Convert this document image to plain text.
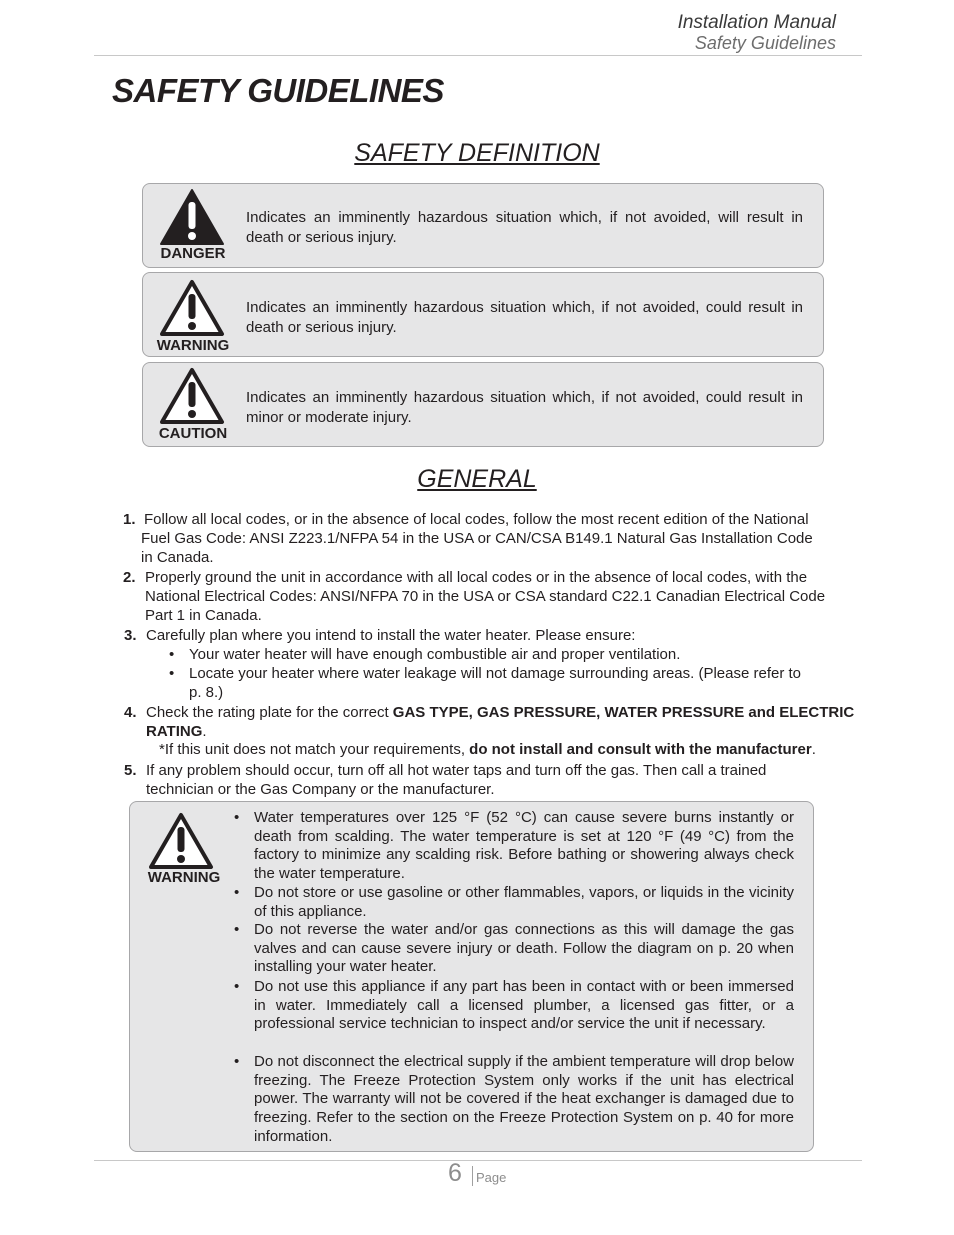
Installation Manual
Safety Guidelines
SAFETY GUIDELINES
SAFETY DEFINITION
DANGER
Indicates an imminently hazardous situation which, if not avoided, will result in death or serious injury.
WARNING
Indicates an imminently hazardous situation which, if not avoided, could result in death or serious injury.
CAUTION
Indicates an imminently hazardous situation which, if not avoided, could result in minor or moderate injury.
GENERAL
1. Follow all local codes, or in the absence of local codes, follow the most recent edition of the National
Fuel Gas Code: ANSI Z223.1/NFPA 54 in the USA or CAN/CSA B149.1 Natural Gas Installation Code
in Canada.
2. Properly ground the unit in accordance with all local codes or in the absence of local codes, with the
National Electrical Codes: ANSI/NFPA 70 in the USA or CSA standard C22.1 Canadian Electrical Code
Part 1 in Canada.
3. Carefully plan where you intend to install the water heater. Please ensure:
• Your water heater will have enough combustible air and proper ventilation.
• Locate your heater where water leakage will not damage surrounding areas. (Please refer to
p. 8.)
4. Check the rating plate for the correct GAS TYPE, GAS PRESSURE, WATER PRESSURE and ELECTRIC
RATING.
*If this unit does not match your requirements, do not install and consult with the manufacturer.
5. If any problem should occur, turn off all hot water taps and turn off the gas. Then call a trained
technician or the Gas Company or the manufacturer.
WARNING
• Water temperatures over 125 °F (52 °C) can cause severe burns instantly or death from scalding. The water temperature is set at 120 °F (49 °C) from the factory to minimize any scalding risk. Before bathing or showering always check the water temperature.
• Do not store or use gasoline or other flammables, vapors, or liquids in the vicinity of this appliance.
• Do not reverse the water and/or gas connections as this will damage the gas valves and can cause severe injury or death. Follow the diagram on p. 20 when installing your water heater.
• Do not use this appliance if any part has been in contact with or been immersed in water. Immediately call a licensed plumber, a licensed gas fitter, or a professional service technician to inspect and/or service the unit if necessary.
• Do not disconnect the electrical supply if the ambient temperature will drop below freezing. The Freeze Protection System only works if the unit has electrical power. The warranty will not be covered if the heat exchanger is damaged due to freezing. Refer to the section on the Freeze Protection System on p. 40 for more information.
6 Page
